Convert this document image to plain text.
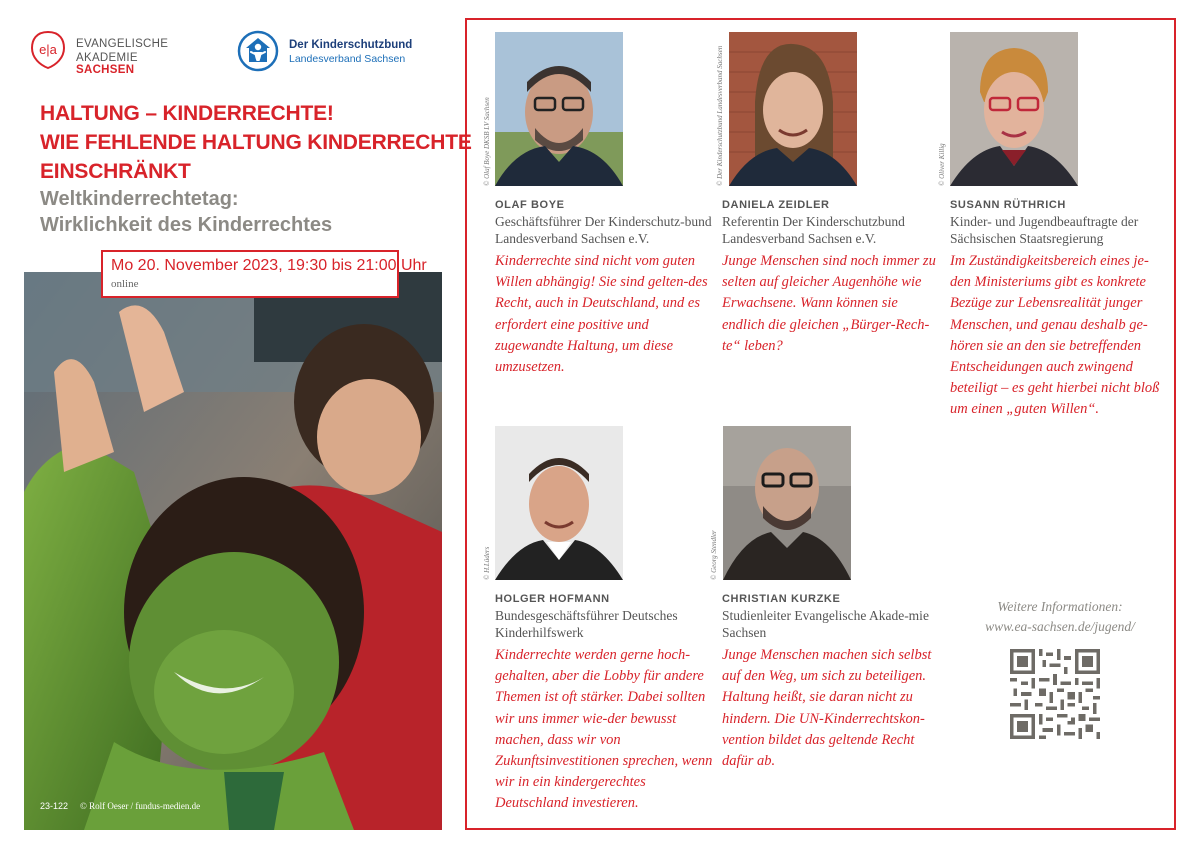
e|a EVANGELISCHE
AKADEMIE SACHSEN
Der Kinderschutzbund
Landesverband Sachsen
HALTUNG – KINDERRECHTE!
WIE FEHLENDE HALTUNG KINDERRECHTE
EINSCHRÄNKT
Weltkinderrechtetag:
Wirklichkeit des Kinderrechtes
Mo 20. November 2023, 19:30 bis 21:00 Uhr
online
23-122 © Rolf Oeser / fundus-medien.de
© Olaf Boye DKSB LV Sachsen	© Der Kinderschutzbund Landesverband Sachsen	© Oliver Killig
© H.Lüders	© Georg Stendler
OLAF BOYE
Geschäftsführer Der Kinderschutz-bund Landesverband Sachsen e.V.
Kinderrechte sind nicht vom guten Willen abhängig! Sie sind gelten-des Recht, auch in Deutschland, und es erfordert eine positive und zugewandte Haltung, um diese umzusetzen.
DANIELA ZEIDLER
Referentin Der Kinderschutzbund Landesverband Sachsen e.V.
Junge Menschen sind noch immer zu selten auf gleicher Augenhöhe wie Erwachsene. Wann können sie endlich die gleichen „Bürger-Rech-te“ leben?
SUSANN RÜTHRICH
Kinder- und Jugendbeauftragte der Sächsischen Staatsregierung
Im Zuständigkeitsbereich eines je-den Ministeriums gibt es konkrete Bezüge zur Lebensrealität junger Menschen, und genau deshalb ge-hören sie an den sie betreffenden Entscheidungen auch zwingend beteiligt – es geht hierbei nicht bloß um einen „guten Willen“.
HOLGER HOFMANN
Bundesgeschäftsführer Deutsches Kinderhilfswerk
Kinderrechte werden gerne hoch-gehalten, aber die Lobby für andere Themen ist oft stärker. Dabei sollten wir uns immer wie-der bewusst machen, dass wir von Zukunftsinvestitionen sprechen, wenn wir in ein kindergerechtes Deutschland investieren.
CHRISTIAN KURZKE
Studienleiter Evangelische Akade-mie Sachsen
Junge Menschen machen sich selbst auf den Weg, um sich zu beteiligen. Haltung heißt, sie daran nicht zu hindern. Die UN-Kinderrechtskon-vention bildet das geltende Recht dafür ab.
Weitere Informationen:
www.ea-sachsen.de/jugend/
